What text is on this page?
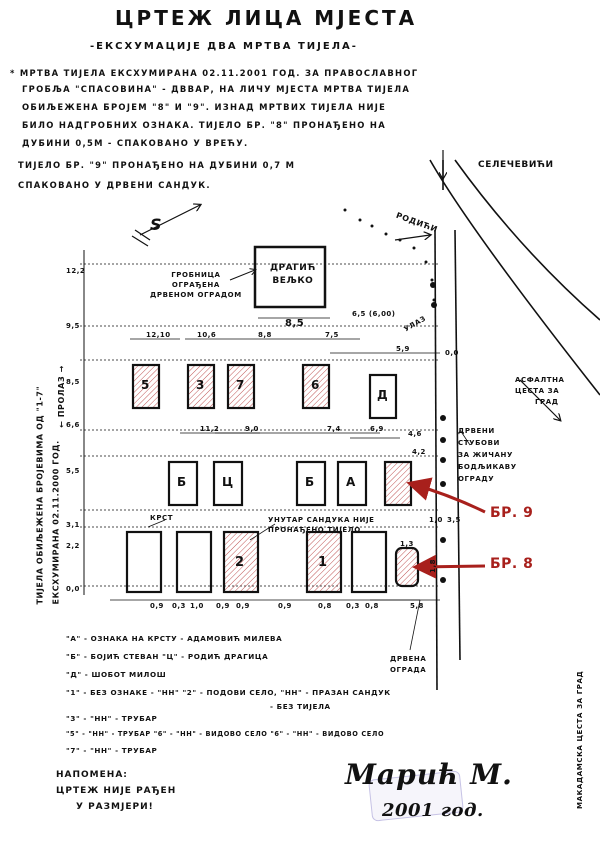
ЦРТЕЖ ЛИЦА МЈЕСТА
-ЕКСХУМАЦИЈЕ ДВА МРТВА ТИЈЕЛА-
* МРТВА ТИЈЕЛА ЕКСХУМИРАНА 02.11.2001 ГОД. ЗА ПРАВОСЛАВНОГ
ГРОБЉА "СПАСОВИНА" - ДВВАР, НА ЛИЧУ МЈЕСТА МРТВА ТИЈЕЛА
ОБИЉЕЖЕНА БРОЈЕМ "8" И "9". ИЗНАД МРТВИХ ТИЈЕЛА НИЈЕ
БИЛО НАДГРОБНИХ ОЗНАКА. ТИЈЕЛО БР. "8" ПРОНАЂЕНО НА
ДУБИНИ 0,5М - СПАКОВАНО У ВРЕЋУ.
ТИЈЕЛО БР. "9" ПРОНАЂЕНО НА ДУБИНИ 0,7 М
СПАКОВАНО У ДРВЕНИ САНДУК.
ТИЈЕЛА ОБИЉЕЖЕНА БРОЈЕВИМА ОД "1-7" ЕКСХУМИРАНА 02.11.2000 ГОД.
← ПРОЛАЗ →
S
СЕЛЕЧЕВИЋИ
РОДИЋИ
УЛАЗ
АСФАЛТНА
ЦЕСТА ЗА
ГРАД
МАКАДАМСКА ЦЕСТА ЗА ГРАД
ГРОБНИЦА
ОГРАЂЕНА
ДРВЕНОМ ОГРАДОМ
ДРАГИЋ
ВЕЉКО
ДРВЕНИ
СТУБОВИ
ЗА ЖИЧАНУ
БОДЉИКАВУ
ОГРАДУ
ДРВЕНА
ОГРАДА
КРСТ	УНУТАР САНДУКА НИЈЕ
ПРОНАЂЕНО ТИЈЕЛО
5	3	7	6
Д
Б	Ц	Б	А
2	1
БР. 9
БР. 8
12,2
9,5
8,5
6,6
5,5
3,1
2,2
0,0
0,0
4,6
4,2
1,0 3,5
1,3
1,8
12,10	10,6	8,8	7,5
5,9
8,5
6,5 (6,00)
11,2	9,0	7,4	6,9
0,9 0,3 1,0 0,9 0,9	0,9	0,8 0,3 0,8	5,8
"А" - ОЗНАКА НА КРСТУ - АДАМОВИЋ МИЛЕВА
"Б" - БОЈИЋ СТЕВАН "Ц" - РОДИЋ ДРАГИЦА
"Д" - ШОБОТ МИЛОШ
"1" - БЕЗ ОЗНАКЕ - "НН" "2" - ПОДОВИ СЕЛО, "НН" - ПРАЗАН САНДУК
- БЕЗ ТИЈЕЛА
"3" - "НН" - ТРУБАР
"5" - "НН" - ТРУБАР "6" - "НН" - ВИДОВО СЕЛО "6" - "НН" - ВИДОВО СЕЛО
"7" - "НН" - ТРУБАР
НАПОМЕНА:
ЦРТЕЖ НИЈЕ РАЂЕН
У РАЗМЈЕРИ!
Марић М.
2001 год.
